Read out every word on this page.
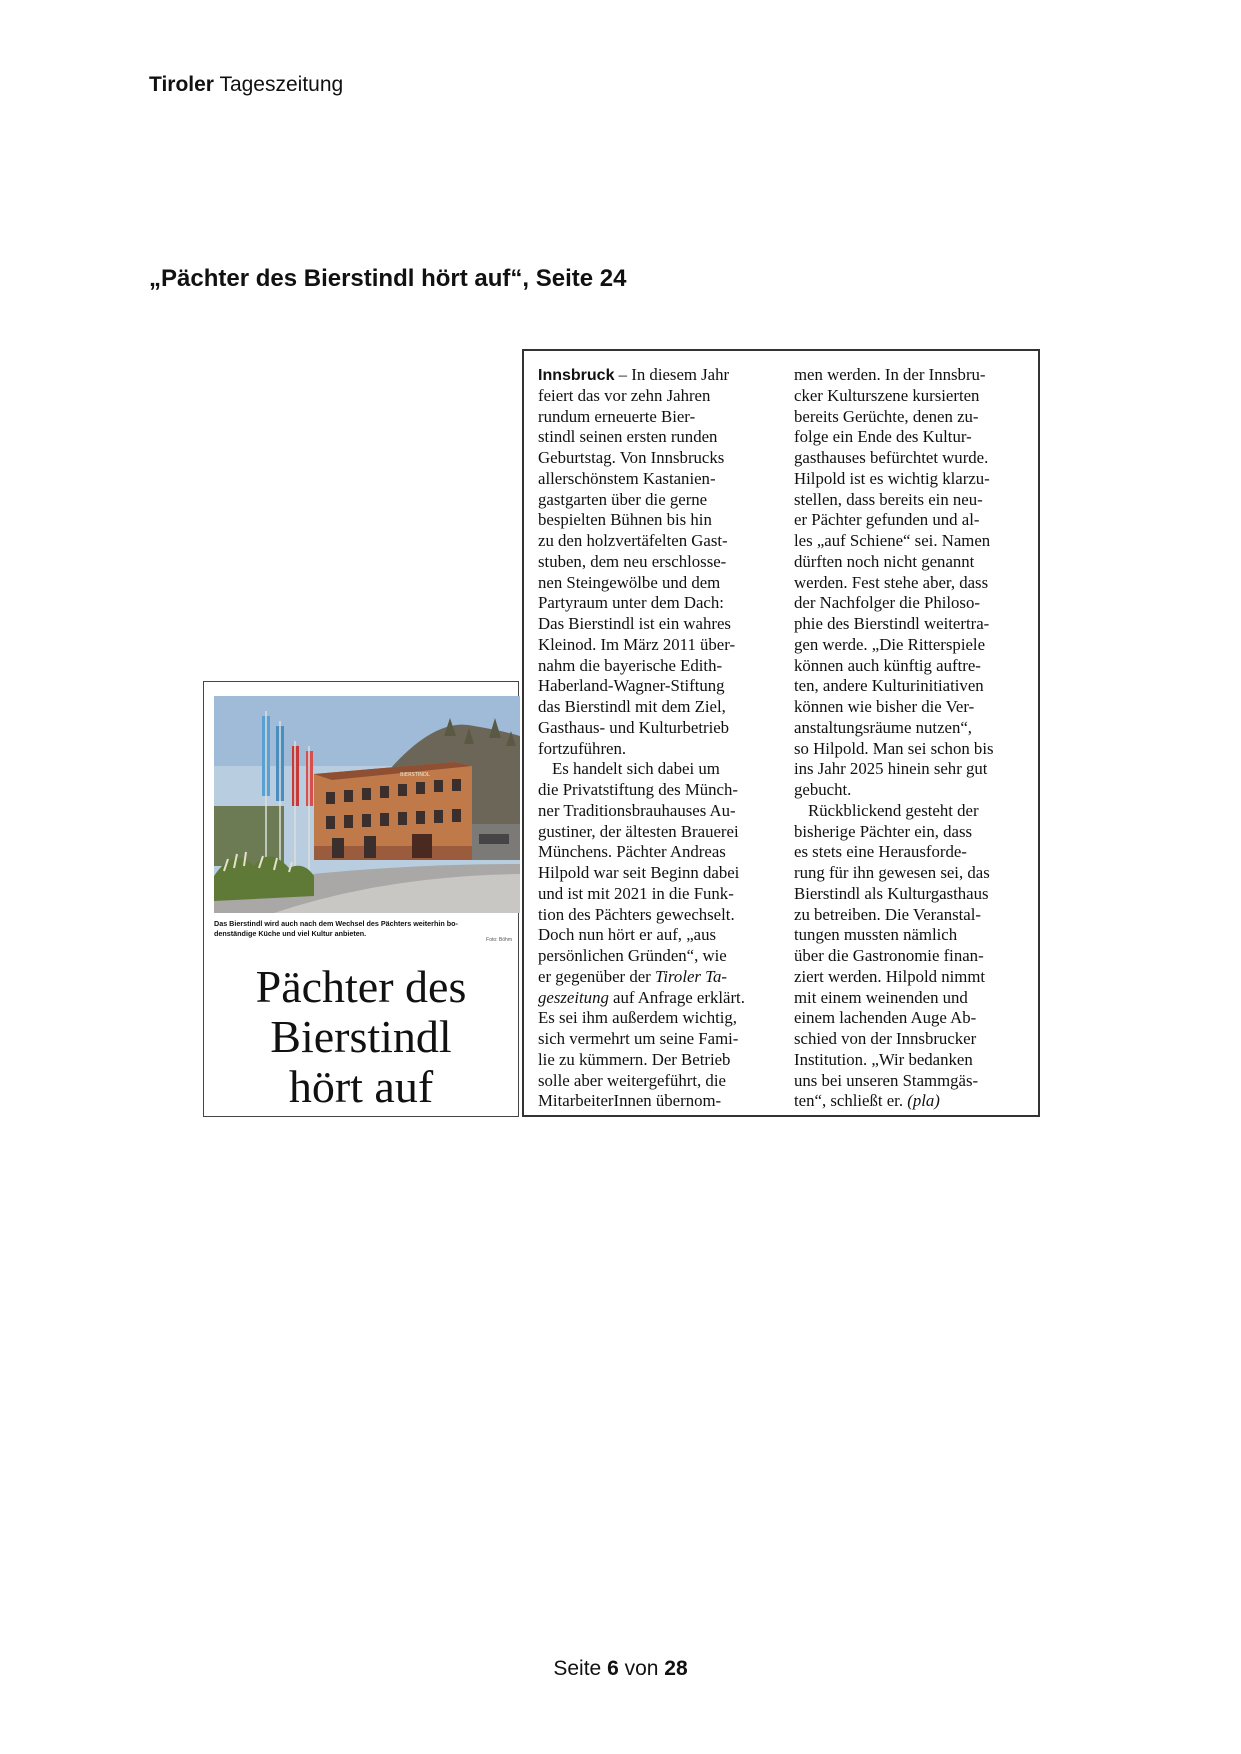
Tiroler Tageszeitung
„Pächter des Bierstindl hört auf“, Seite 24
BIERSTINDL
Das Bierstindl wird auch nach dem Wechsel des Pächters weiterhin bo-
denständige Küche und viel Kultur anbieten.
Foto: Böhm
Pächter des
Bierstindl
hört auf
Innsbruck – In diesem Jahr
feiert das vor zehn Jahren
rundum erneuerte Bier-
stindl seinen ersten runden
Geburtstag. Von Innsbrucks
allerschönstem Kastanien-
gastgarten über die gerne
bespielten Bühnen bis hin
zu den holzvertäfelten Gast-
stuben, dem neu erschlosse-
nen Steingewölbe und dem
Partyraum unter dem Dach:
Das Bierstindl ist ein wahres
Kleinod. Im März 2011 über-
nahm die bayerische Edith-
Haberland-Wagner-Stiftung
das Bierstindl mit dem Ziel,
Gasthaus- und Kulturbetrieb
fortzuführen.
Es handelt sich dabei um
die Privatstiftung des Münch-
ner Traditionsbrauhauses Au-
gustiner, der ältesten Brauerei
Münchens. Pächter Andreas
Hilpold war seit Beginn dabei
und ist mit 2021 in die Funk-
tion des Pächters gewechselt.
Doch nun hört er auf, „aus
persönlichen Gründen“, wie
er gegenüber der Tiroler Ta-
geszeitung auf Anfrage erklärt.
Es sei ihm außerdem wichtig,
sich vermehrt um seine Fami-
lie zu kümmern. Der Betrieb
solle aber weitergeführt, die
MitarbeiterInnen übernom-
men werden. In der Innsbru-
cker Kulturszene kursierten
bereits Gerüchte, denen zu-
folge ein Ende des Kultur-
gasthauses befürchtet wurde.
Hilpold ist es wichtig klarzu-
stellen, dass bereits ein neu-
er Pächter gefunden und al-
les „auf Schiene“ sei. Namen
dürften noch nicht genannt
werden. Fest stehe aber, dass
der Nachfolger die Philoso-
phie des Bierstindl weitertra-
gen werde. „Die Ritterspiele
können auch künftig auftre-
ten, andere Kulturinitiativen
können wie bisher die Ver-
anstaltungsräume nutzen“,
so Hilpold. Man sei schon bis
ins Jahr 2025 hinein sehr gut
gebucht.
Rückblickend gesteht der
bisherige Pächter ein, dass
es stets eine Herausforde-
rung für ihn gewesen sei, das
Bierstindl als Kulturgasthaus
zu betreiben. Die Veranstal-
tungen mussten nämlich
über die Gastronomie finan-
ziert werden. Hilpold nimmt
mit einem weinenden und
einem lachenden Auge Ab-
schied von der Innsbrucker
Institution. „Wir bedanken
uns bei unseren Stammgäs-
ten“, schließt er. (pla)
Seite 6 von 28
